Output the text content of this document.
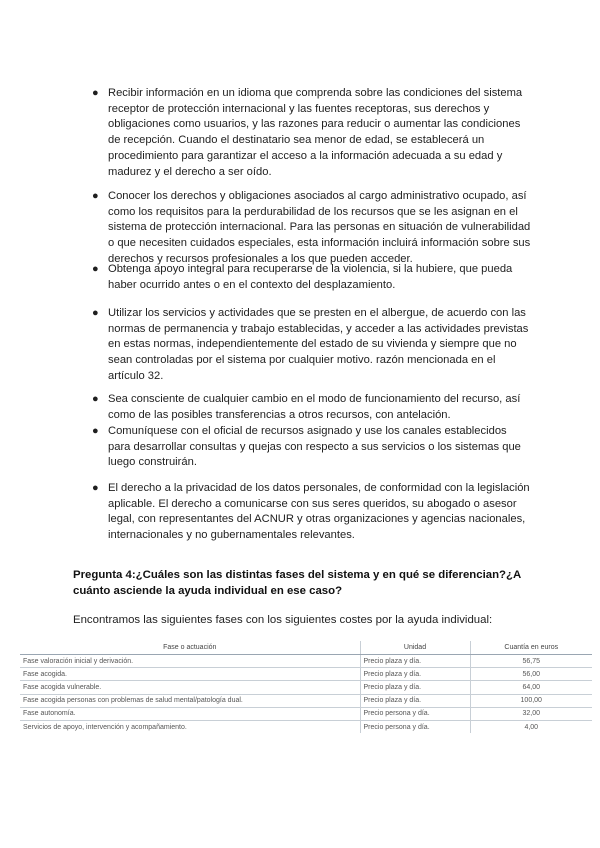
● Recibir información en un idioma que comprenda sobre las condiciones del sistema receptor de protección internacional y las fuentes receptoras, sus derechos y obligaciones como usuarios, y las razones para reducir o aumentar las condiciones de recepción. Cuando el destinatario sea menor de edad, se establecerá un procedimiento para garantizar el acceso a la información adecuada a su edad y madurez y el derecho a ser oído.
● Conocer los derechos y obligaciones asociados al cargo administrativo ocupado, así como los requisitos para la perdurabilidad de los recursos que se les asignan en el sistema de protección internacional. Para las personas en situación de vulnerabilidad o que necesiten cuidados especiales, esta información incluirá información sobre sus derechos y recursos profesionales a los que pueden acceder.
● Obtenga apoyo integral para recuperarse de la violencia, si la hubiere, que pueda haber ocurrido antes o en el contexto del desplazamiento.
● Utilizar los servicios y actividades que se presten en el albergue, de acuerdo con las normas de permanencia y trabajo establecidas, y acceder a las actividades previstas en estas normas, independientemente del estado de su vivienda y siempre que no sean controladas por el sistema por cualquier motivo. razón mencionada en el artículo 32.
● Sea consciente de cualquier cambio en el modo de funcionamiento del recurso, así como de las posibles transferencias a otros recursos, con antelación.
● Comuníquese con el oficial de recursos asignado y use los canales establecidos para desarrollar consultas y quejas con respecto a sus servicios o los sistemas que luego construirán.
● El derecho a la privacidad de los datos personales, de conformidad con la legislación aplicable. El derecho a comunicarse con sus seres queridos, su abogado o asesor legal, con representantes del ACNUR y otras organizaciones y agencias nacionales, internacionales y no gubernamentales relevantes.
Pregunta 4:¿Cuáles son las distintas fases del sistema y en qué se diferencian?¿A cuánto asciende la ayuda individual en ese caso?
Encontramos las siguientes fases con los siguientes costes por la ayuda individual:
Fase o actuación	Unidad	Cuantía en euros
Fase valoración inicial y derivación.	Precio plaza y día.	56,75
Fase acogida.	Precio plaza y día.	56,00
Fase acogida vulnerable.	Precio plaza y día.	64,00
Fase acogida personas con problemas de salud mental/patología dual.	Precio plaza y día.	100,00
Fase autonomía.	Precio persona y día.	32,00
Servicios de apoyo, intervención y acompañamiento.	Precio persona y día.	4,00
